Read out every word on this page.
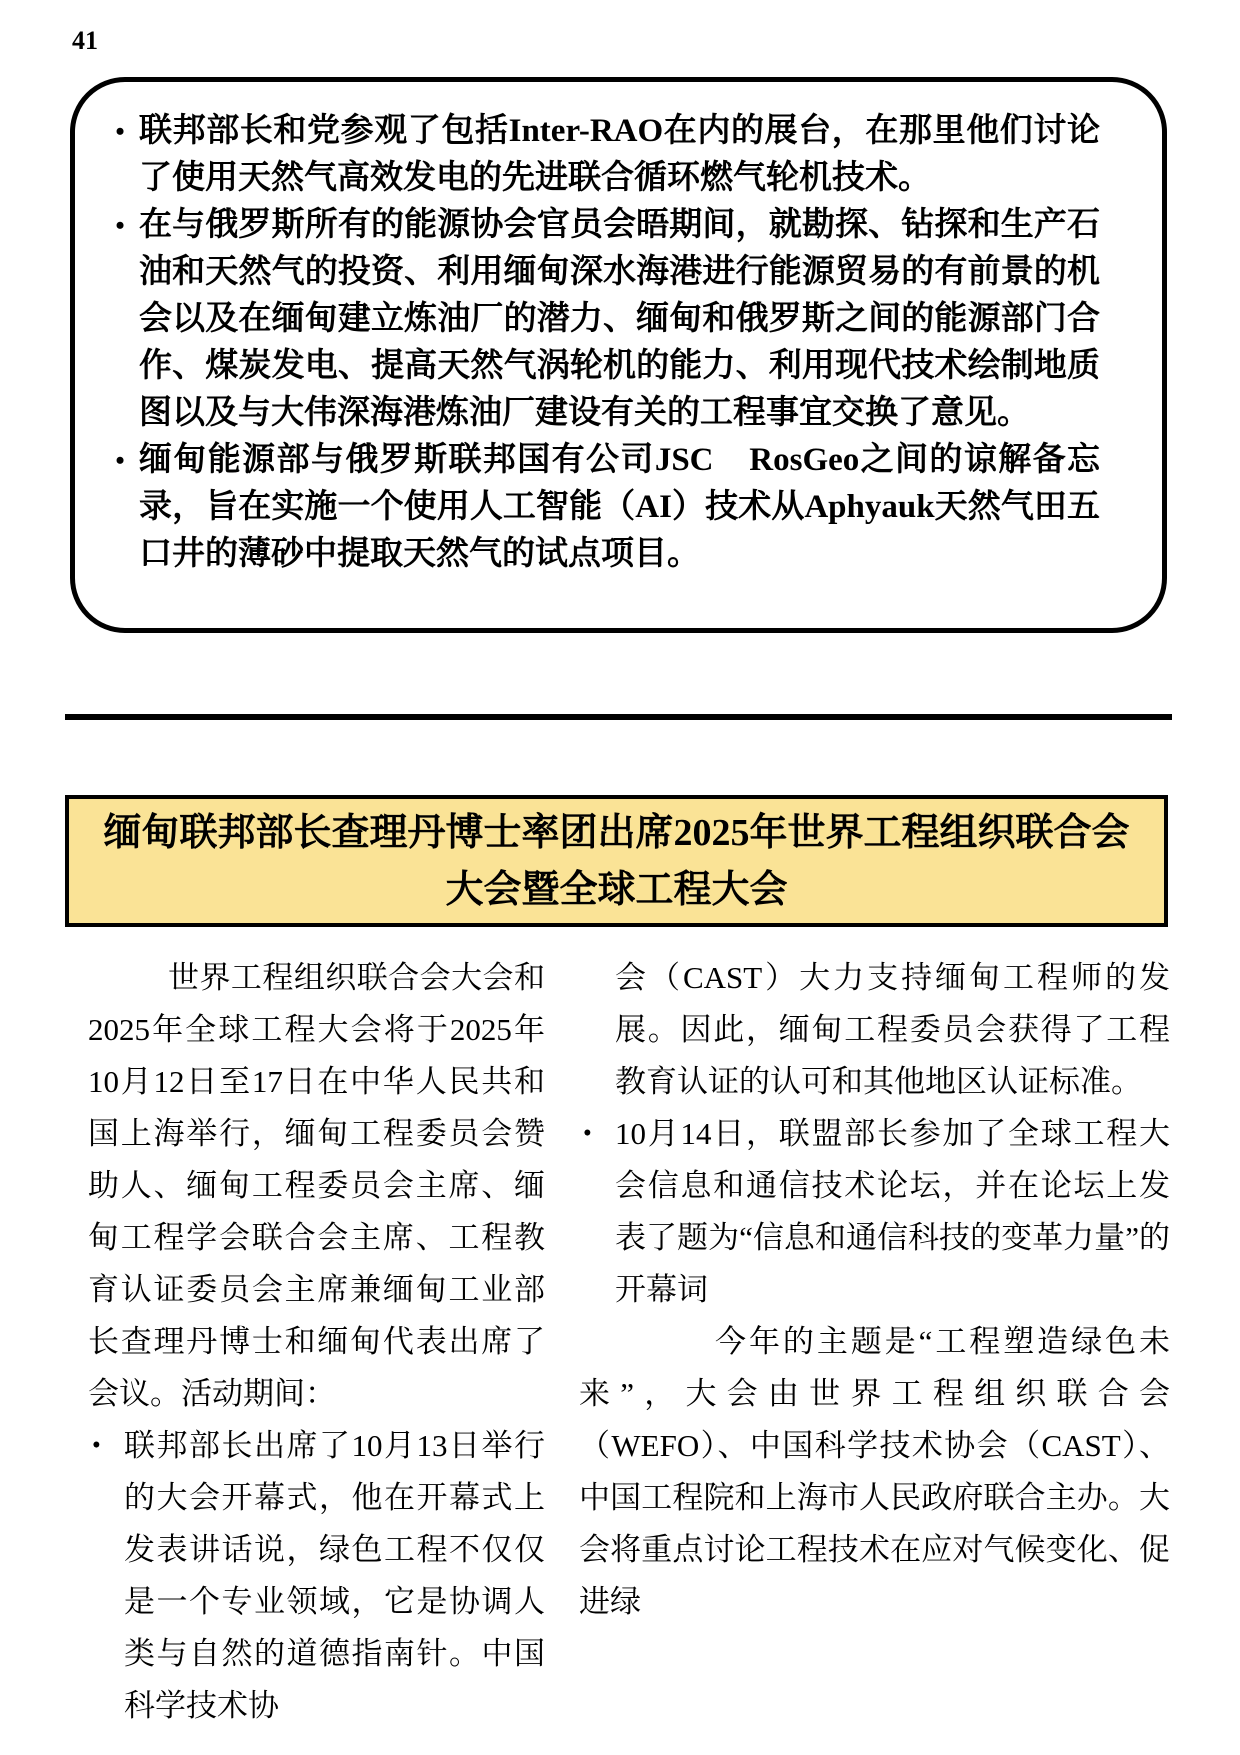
41
• 联邦部长和党参观了包括Inter-RAO在内的展台，在那里他们讨论了使用天然气高效发电的先进联合循环燃气轮机技术。
• 在与俄罗斯所有的能源协会官员会晤期间，就勘探、钻探和生产石油和天然气的投资、利用缅甸深水海港进行能源贸易的有前景的机会以及在缅甸建立炼油厂的潜力、缅甸和俄罗斯之间的能源部门合作、煤炭发电、提高天然气涡轮机的能力、利用现代技术绘制地质图以及与大伟深海港炼油厂建设有关的工程事宜交换了意见。
• 缅甸能源部与俄罗斯联邦国有公司JSC　RosGeo之间的谅解备忘录，旨在实施一个使用人工智能（AI）技术从Aphyauk天然气田五口井的薄砂中提取天然气的试点项目。
缅甸联邦部长查理丹博士率团出席2025年世界工程组织联合会大会暨全球工程大会

世界工程组织联合会大会和2025年全球工程大会将于2025年10月12日至17日在中华人民共和国上海举行，缅甸工程委员会赞助人、缅甸工程委员会主席、缅甸工程学会联合会主席、工程教育认证委员会主席兼缅甸工业部长查理丹博士和缅甸代表出席了会议。活动期间：

• 联邦部长出席了10月13日举行的大会开幕式，他在开幕式上发表讲话说，绿色工程不仅仅是一个专业领域，它是协调人类与自然的道德指南针。中国科学技术协

会（CAST）大力支持缅甸工程师的发展。因此，缅甸工程委员会获得了工程教育认证的认可和其他地区认证标准。

• 10月14日，联盟部长参加了全球工程大会信息和通信技术论坛，并在论坛上发表了题为“信息和通信科技的变革力量”的开幕词

今年的主题是“工程塑造绿色未来”，大会由世界工程组织联合会（WEFO）、中国科学技术协会（CAST）、中国工程院和上海市人民政府联合主办。大会将重点讨论工程技术在应对气候变化、促进绿
